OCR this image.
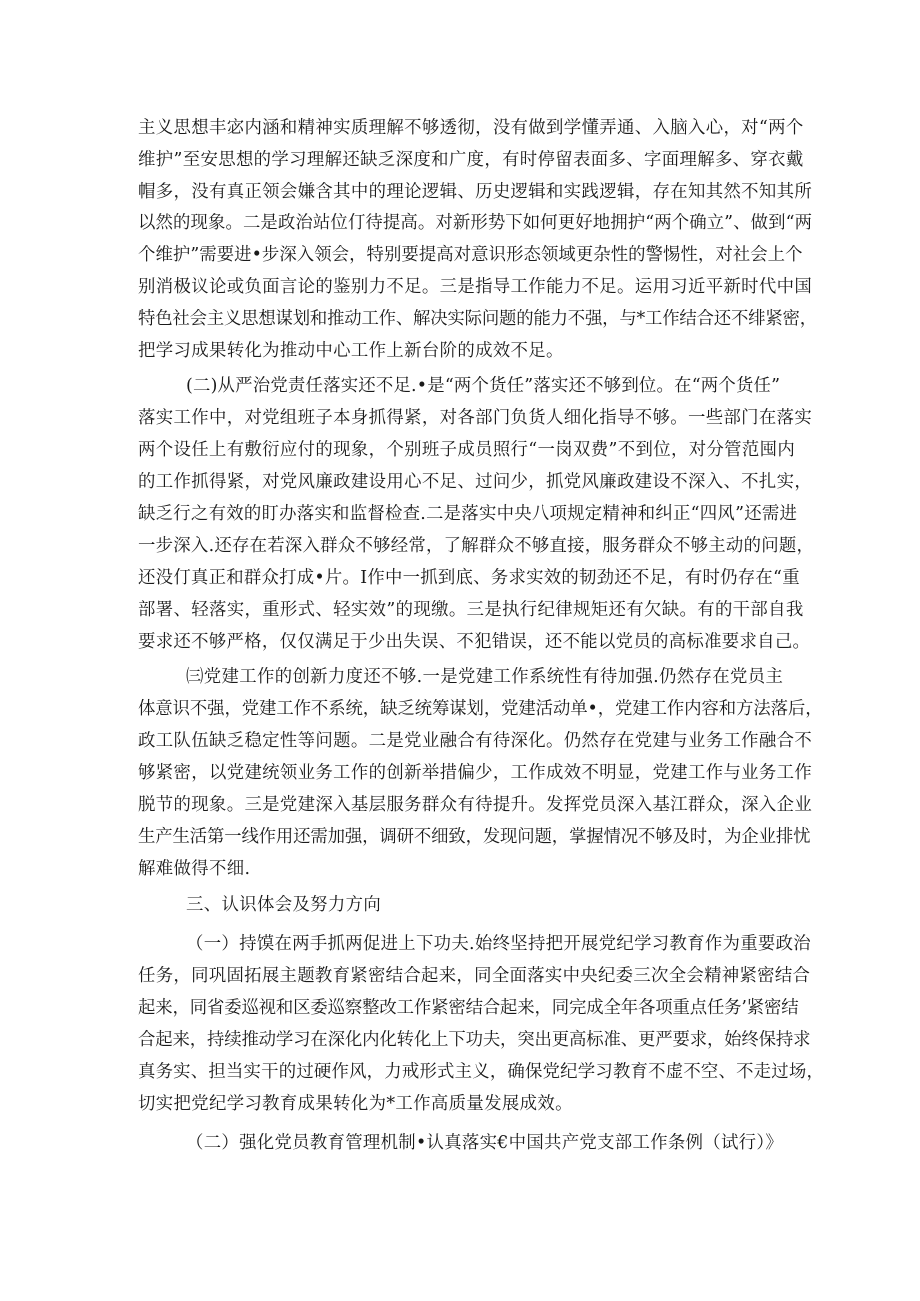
主义思想丰宓内涵和精神实质理解不够透彻，没有做到学懂弄通、入脑入心，对“两个
维护”至安思想的学习理解还缺乏深度和广度，有时停留表面多、字面理解多、穿衣戴
帽多，没有真正领会嫌含其中的理论逻辑、历史逻辑和实践逻辑，存在知其然不知其所
以然的现象。二是政治站位仃待提高。对新形势下如何更好地拥护“两个确立”、做到“两
个维护”需要进•步深入领会，特别要提高对意识形态领域更杂性的警惕性，对社会上个
别消极议论或负面言论的鉴别力不足。三是指导工作能力不足。运用习近平新时代中国
特色社会主义思想谋划和推动工作、解决实际问题的能力不强，与*工作结合还不绯紧密，
把学习成果转化为推动中心工作上新台阶的成效不足。
(二)从严治党责任落实还不足.•是“两个货任”落实还不够到位。在“两个货任”
落实工作中，对党组班子本身抓得紧，对各部门负货人细化指导不够。一些部门在落实
两个设任上有敷衍应付的现象，个别班子成员照行“一岗双费”不到位，对分管范囤内
的工作抓得紧，对党风廉政建设用心不足、过问少，抓党风廉政建设不深入、不扎实，
缺乏行之有效的盯办落实和监督检查.二是落实中央八项规定精神和纠正“四风”还需进
一步深入.还存在若深入群众不够经常，了解群众不够直接，服务群众不够主动的问题，
还没仃真正和群众打成•片。I作中一抓到底、务求实效的韧劲还不足，有时仍存在“重
部署、轻落实，重形式、轻实效”的现缴。三是执行纪律规矩还有欠缺。有的干部自我
要求还不够严格，仅仅满足于少出失误、不犯错误，还不能以党员的高标准要求自己。
㈢党建工作的创新力度还不够.一是党建工作系统性有待加强.仍然存在党员主
体意识不强，党建工作不系统，缺乏统筹谋划，党建活动单•，党建工作内容和方法落后，
政工队伍缺乏稳定性等问题。二是党业融合有待深化。仍然存在党建与业务工作融合不
够紧密，以党建统领业务工作的创新举措偏少，工作成效不明显，党建工作与业务工作
脱节的现象。三是党建深入基层服务群众有待提升。发挥党员深入基江群众，深入企业
生产生活第一线作用还需加强，调研不细致，发现问题，掌握情况不够及时，为企业排忧
解难做得不细.
三、认识体会及努力方向
（一）持馍在两手抓两促进上下功夫.始终坚持把开展党纪学习教育作为重要政治
任务，同巩固拓展主题教育紧密结合起来，同全面落实中央纪委三次全会精神紧密结合
起来，同省委巡视和区委巡察整改工作紧密结合起来，同完成全年各项重点任务’紧密结
合起来，持续推动学习在深化内化转化上下功夫，突出更高标准、更严要求，始终保持求
真务实、担当实干的过硬作风，力戒形式主义，确保党纪学习教育不虚不空、不走过场，
切实把党纪学习教育成果转化为*工作高质量发展成效。
（二）强化党员教育管理机制•认真落实€中国共产党支部工作条例（试行）》
